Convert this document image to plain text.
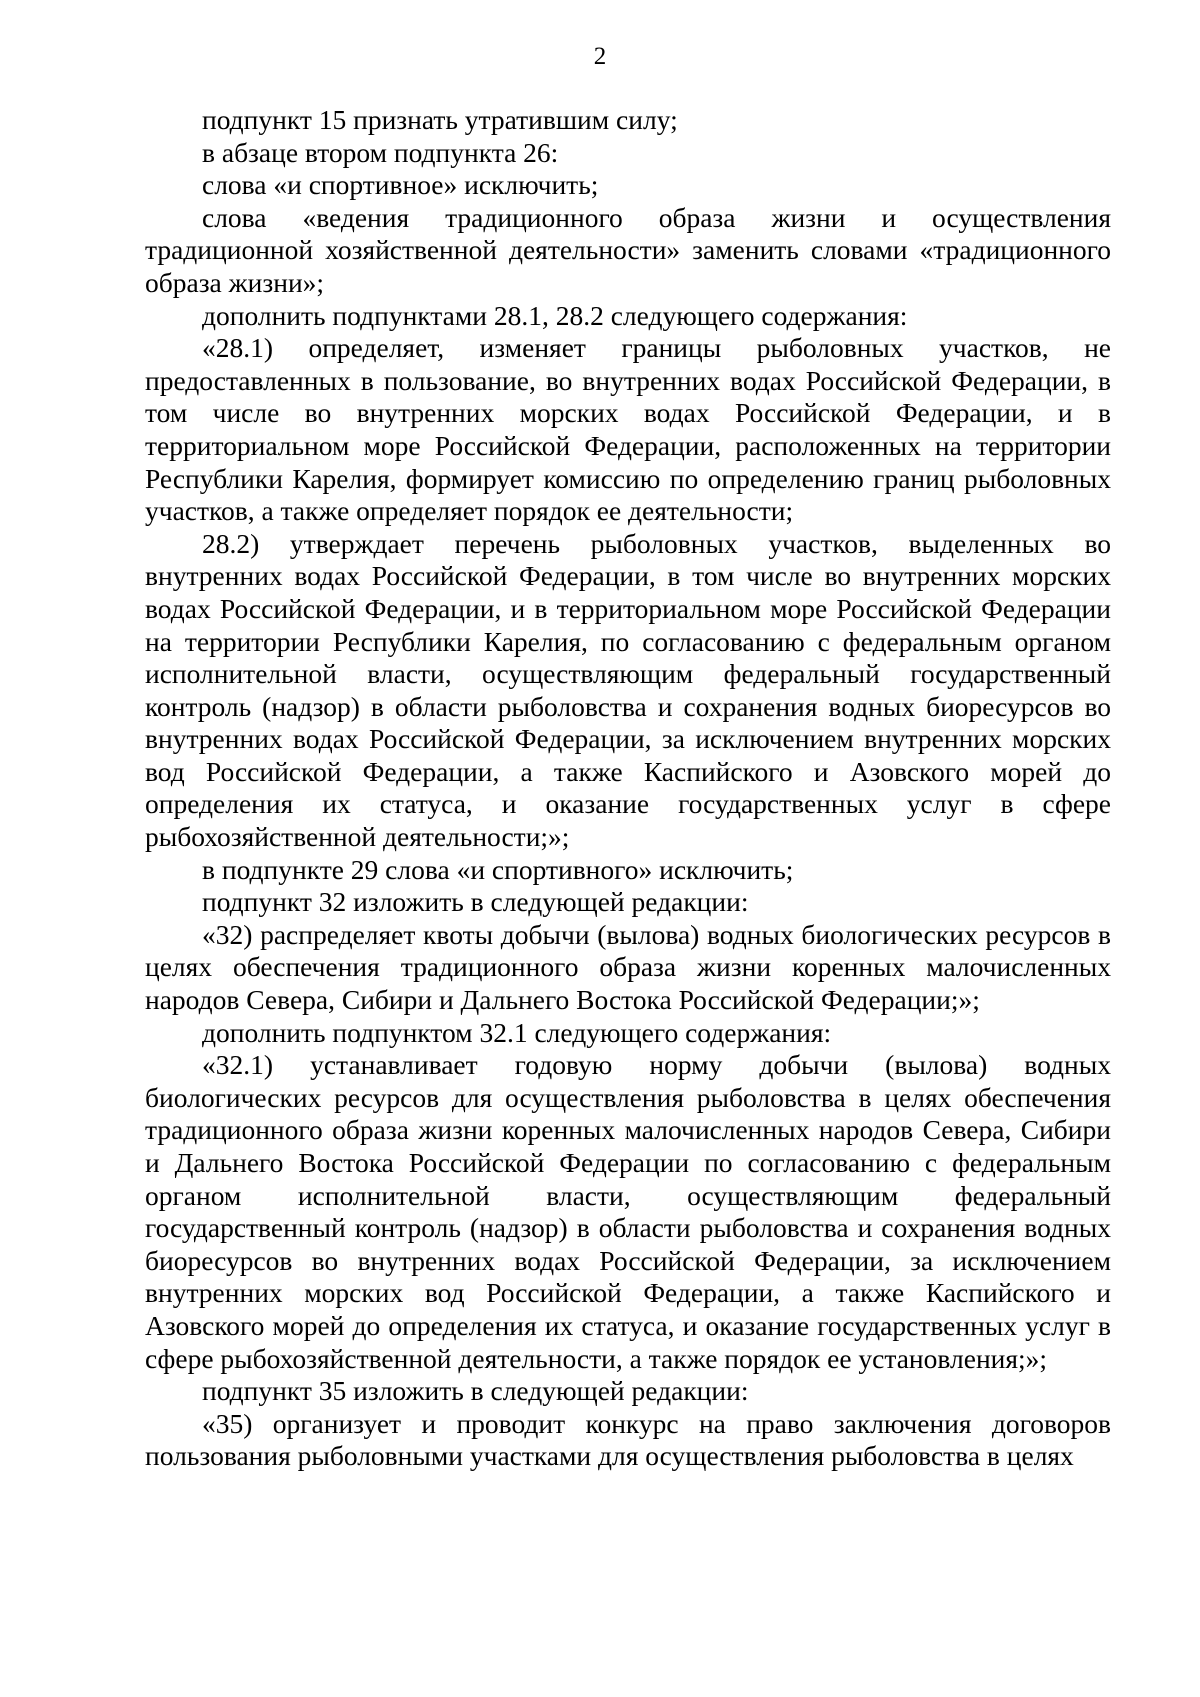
2

подпункт 15 признать утратившим силу;

в абзаце втором подпункта 26:

слова «и спортивное» исключить;

слова «ведения традиционного образа жизни и осуществления традиционной хозяйственной деятельности» заменить словами «традиционного образа жизни»;

дополнить подпунктами 28.1, 28.2 следующего содержания:

«28.1) определяет, изменяет границы рыболовных участков, не предоставленных в пользование, во внутренних водах Российской Федерации, в том числе во внутренних морских водах Российской Федерации, и в территориальном море Российской Федерации, расположенных на территории Республики Карелия, формирует комиссию по определению границ рыболовных участков, а также определяет порядок ее деятельности;

28.2) утверждает перечень рыболовных участков, выделенных во внутренних водах Российской Федерации, в том числе во внутренних морских водах Российской Федерации, и в территориальном море Российской Федерации на территории Республики Карелия, по согласованию с федеральным органом исполнительной власти, осуществляющим федеральный государственный контроль (надзор) в области рыболовства и сохранения водных биоресурсов во внутренних водах Российской Федерации, за исключением внутренних морских вод Российской Федерации, а также Каспийского и Азовского морей до определения их статуса, и оказание государственных услуг в сфере рыбохозяйственной деятельности;»;

в подпункте 29 слова «и спортивного» исключить;

подпункт 32 изложить в следующей редакции:

«32) распределяет квоты добычи (вылова) водных биологических ресурсов в целях обеспечения традиционного образа жизни коренных малочисленных народов Севера, Сибири и Дальнего Востока Российской Федерации;»;

дополнить подпунктом 32.1 следующего содержания:

«32.1) устанавливает годовую норму добычи (вылова) водных биологических ресурсов для осуществления рыболовства в целях обеспечения традиционного образа жизни коренных малочисленных народов Севера, Сибири и Дальнего Востока Российской Федерации по согласованию с федеральным органом исполнительной власти, осуществляющим федеральный государственный контроль (надзор) в области рыболовства и сохранения водных биоресурсов во внутренних водах Российской Федерации, за исключением внутренних морских вод Российской Федерации, а также Каспийского и Азовского морей до определения их статуса, и оказание государственных услуг в сфере рыбохозяйственной деятельности, а также порядок ее установления;»;

подпункт 35 изложить в следующей редакции:

«35) организует и проводит конкурс на право заключения договоров пользования рыболовными участками для осуществления рыболовства в целях
